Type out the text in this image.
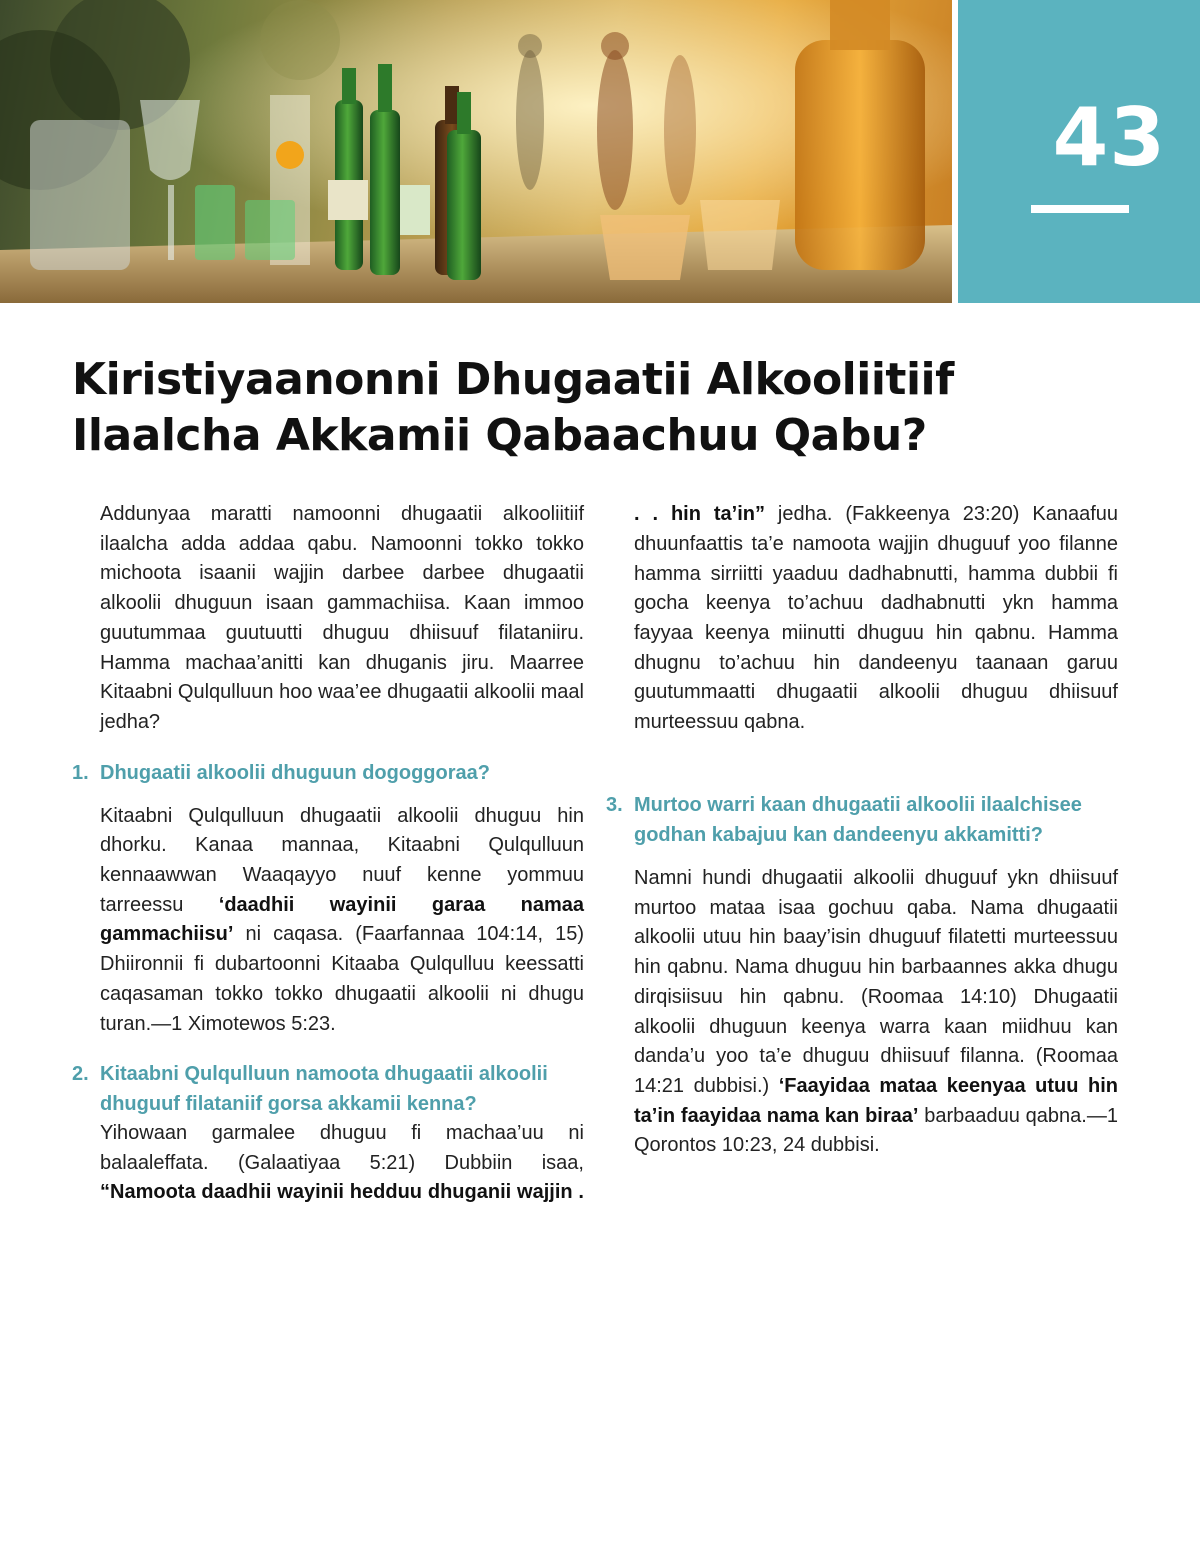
43
Kiristiyaanonni Dhugaatii Alkooliitiif Ilaalcha Akkamii Qabaachuu Qabu?

Addunyaa maratti namoonni dhugaatii alkooliitiif ilaalcha adda addaa qabu. Namoonni tokko tokko michoota isaanii wajjin darbee darbee dhugaatii alkoolii dhuguun isaan gammachiisa. Kaan immoo guutummaa guutuutti dhuguu dhiisuuf filataniiru. Hamma machaa’anitti kan dhuganis jiru. Maarree Kitaabni Qulqulluun hoo waa’ee dhugaatii alkoolii maal jedha?

1. Dhugaatii alkoolii dhuguun dogoggoraa?

Kitaabni Qulqulluun dhugaatii alkoolii dhuguu hin dhorku. Kanaa mannaa, Kitaabni Qulqulluun kennaawwan Waaqayyo nuuf kenne yommuu tarreessu ‘daadhii wayinii garaa namaa gammachiisu’ ni caqasa. (Faarfannaa 104:14, 15) Dhiironnii fi dubartoonni Kitaaba Qulqulluu keessatti caqasaman tokko tokko dhugaatii alkoolii ni dhugu turan.—1 Ximotewos 5:23.

2. Kitaabni Qulqulluun namoota dhugaatii alkoolii dhuguuf filataniif gorsa akkamii kenna?

Yihowaan garmalee dhuguu fi machaa’uu ni balaaleffata. (Galaatiyaa 5:21) Dubbiin isaa, “Namoota daadhii wayinii hedduu dhuganii wajjin .

. . hin ta’in” jedha. (Fakkeenya 23:20) Kanaafuu dhuunfaattis ta’e namoota wajjin dhuguuf yoo filanne hamma sirriitti yaaduu dadhabnutti, hamma dubbii fi gocha keenya to’achuu dadhabnutti ykn hamma fayyaa keenya miinutti dhuguu hin qabnu. Hamma dhugnu to’achuu hin dandeenyu taanaan garuu guutummaatti dhugaatii alkoolii dhuguu dhiisuuf murteessuu qabna.

3. Murtoo warri kaan dhugaatii alkoolii ilaalchisee godhan kabajuu kan dandeenyu akkamitti?

Namni hundi dhugaatii alkoolii dhuguuf ykn dhiisuuf murtoo mataa isaa gochuu qaba. Nama dhugaatii alkoolii utuu hin baay’isin dhuguuf filatetti murteessuu hin qabnu. Nama dhuguu hin barbaannes akka dhugu dirqisiisuu hin qabnu. (Roomaa 14:10) Dhugaatii alkoolii dhuguun keenya warra kaan miidhuu kan danda’u yoo ta’e dhuguu dhiisuuf filanna. (Roomaa 14:21 dubbisi.) ‘Faayidaa mataa keenyaa utuu hin ta’in faayidaa nama kan biraa’ barbaaduu qabna.—1 Qorontos 10:23, 24 dubbisi.
